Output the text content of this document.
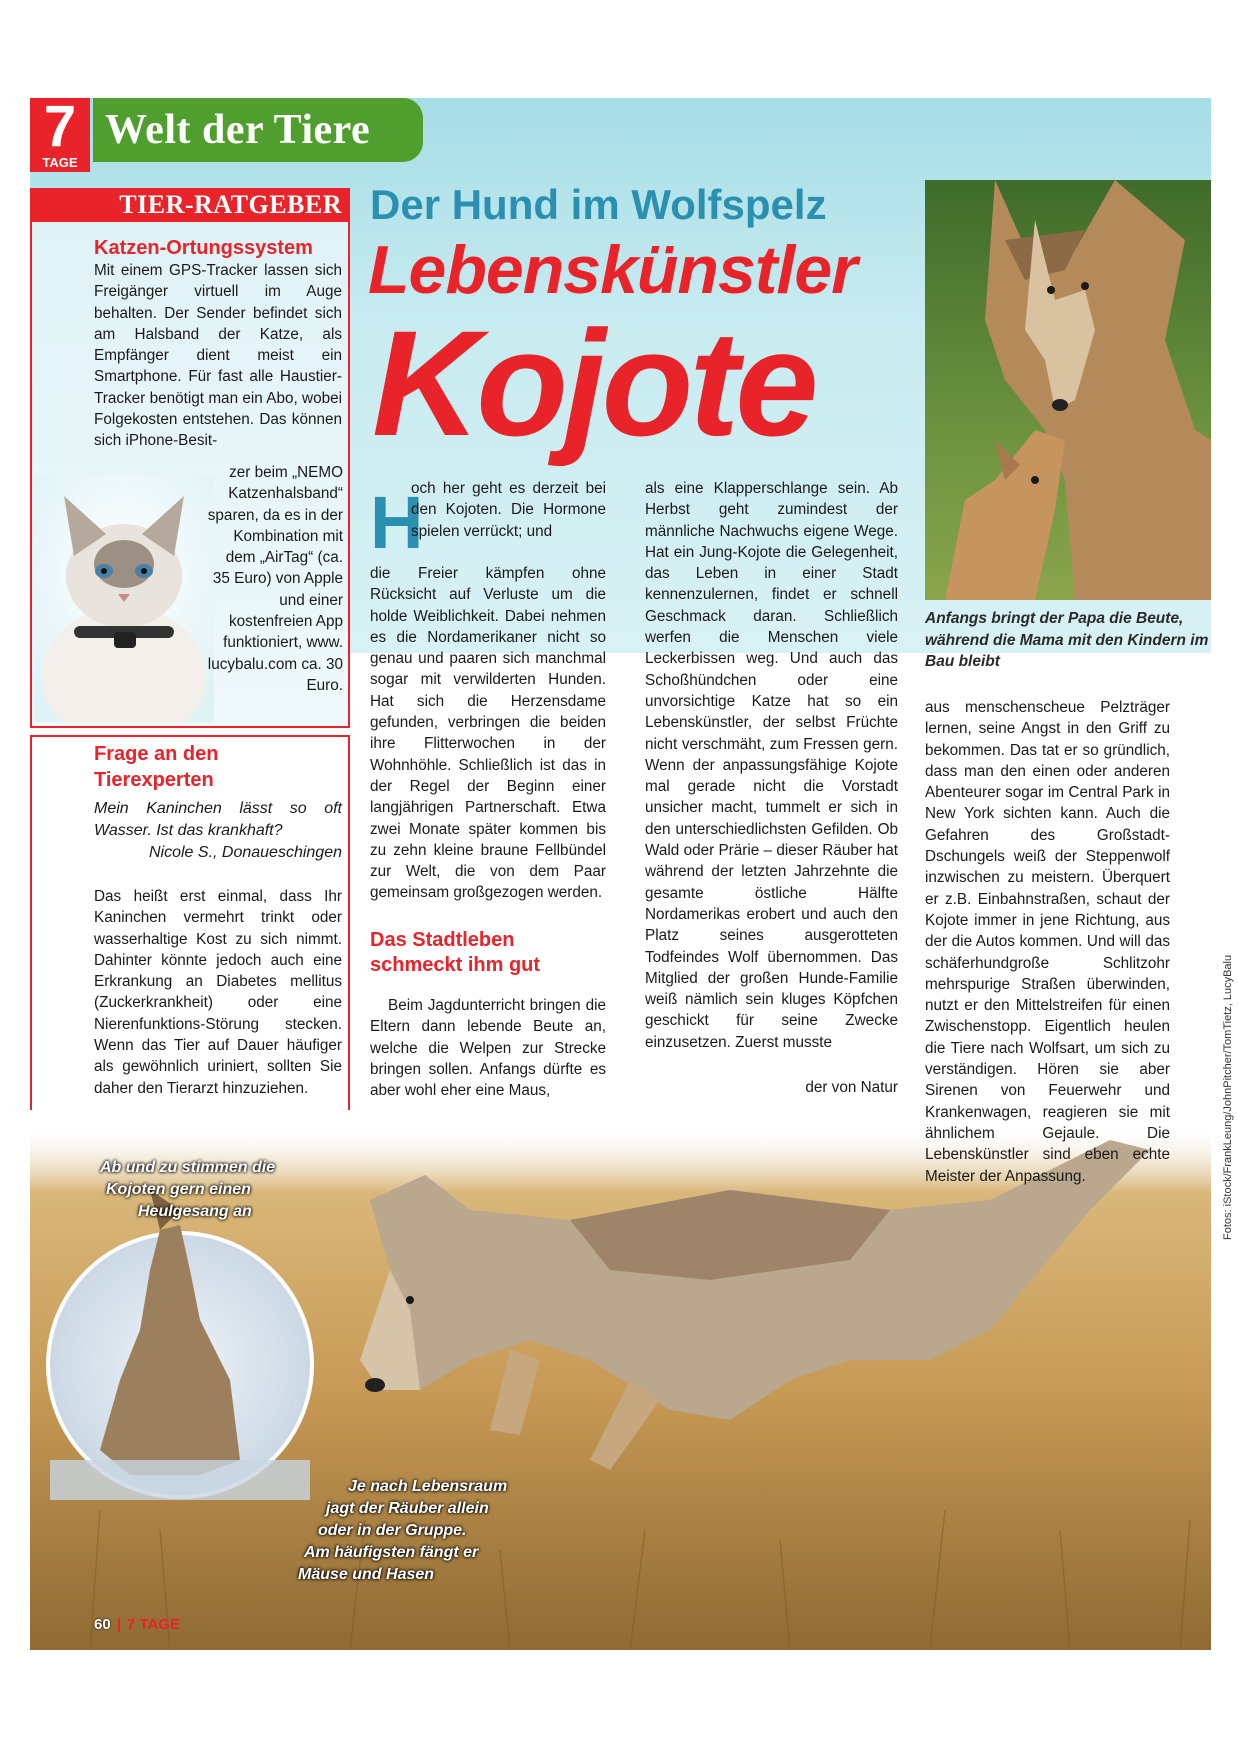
7
TAGE
Welt der Tiere
TIER-RATGEBER
Katzen-Ortungssystem
Mit einem GPS-Tracker lassen sich Freigänger virtuell im Auge behalten. Der Sender befindet sich am Halsband der Katze, als Empfänger dient meist ein Smartphone. Für fast alle Haustier-Tracker benötigt man ein Abo, wobei Folgekosten entstehen. Das können sich iPhone-Besit-
zer beim „NEMO Katzenhalsband“ sparen, da es in der Kombination mit dem „AirTag“ (ca. 35 Euro) von Apple und einer kostenfreien App funktioniert, www. lucybalu.com ca. 30 Euro.
Frage an den
Tierexperten
Mein Kaninchen lässt so oft Wasser. Ist das krankhaft?
Nicole S., Donaueschingen
Das heißt erst einmal, dass Ihr Kaninchen vermehrt trinkt oder wasserhaltige Kost zu sich nimmt. Dahinter könnte jedoch auch eine Erkrankung an Diabetes mellitus (Zuckerkrankheit) oder eine Nierenfunktions-Störung stecken. Wenn das Tier auf Dauer häufiger als gewöhnlich uriniert, sollten Sie daher den Tierarzt hinzuziehen.
Der Hund im Wolfspelz
Lebenskünstler
Kojote
Anfangs bringt der Papa die Beute, während die Mama mit den Kindern im Bau bleibt
H
och her geht es derzeit bei den Kojoten. Die Hormone spielen verrückt; und
die Freier kämpfen ohne Rücksicht auf Verluste um die holde Weiblichkeit. Dabei nehmen es die Nordamerikaner nicht so genau und paaren sich manchmal sogar mit verwilderten Hunden. Hat sich die Herzensdame gefunden, verbringen die beiden ihre Flitterwochen in der Wohnhöhle. Schließlich ist das in der Regel der Beginn einer langjährigen Partnerschaft. Etwa zwei Monate später kommen bis zu zehn kleine braune Fellbündel zur Welt, die von dem Paar gemeinsam großgezogen werden.
Das Stadtleben
schmeckt ihm gut
Beim Jagdunterricht bringen die Eltern dann lebende Beute an, welche die Welpen zur Strecke bringen sollen. Anfangs dürfte es aber wohl eher eine Maus,
als eine Klapperschlange sein. Ab Herbst geht zumindest der männliche Nachwuchs eigene Wege. Hat ein Jung-Kojote die Gelegenheit, das Leben in einer Stadt kennenzulernen, findet er schnell Geschmack daran. Schließlich werfen die Menschen viele Leckerbissen weg. Und auch das Schoßhündchen oder eine unvorsichtige Katze hat so ein Lebenskünstler, der selbst Früchte nicht verschmäht, zum Fressen gern. Wenn der anpassungsfähige Kojote mal gerade nicht die Vorstadt unsicher macht, tummelt er sich in den unterschiedlichsten Gefilden. Ob Wald oder Prärie – dieser Räuber hat während der letzten Jahrzehnte die gesamte östliche Hälfte Nordamerikas erobert und auch den Platz seines ausgerotteten Todfeindes Wolf übernommen. Das Mitglied der großen Hunde-Familie weiß nämlich sein kluges Köpfchen geschickt für seine Zwecke einzusetzen. Zuerst musste
der von Natur
Ab und zu stimmen die
Kojoten gern einen
Heulgesang an
Je nach Lebensraum
jagt der Räuber allein
oder in der Gruppe.
Am häufigsten fängt er
Mäuse und Hasen
aus menschenscheue Pelzträger lernen, seine Angst in den Griff zu bekommen. Das tat er so gründlich, dass man den einen oder anderen Abenteurer sogar im Central Park in New York sichten kann. Auch die Gefahren des Großstadt-Dschungels weiß der Steppenwolf inzwischen zu meistern. Überquert er z.B. Einbahnstraßen, schaut der Kojote immer in jene Richtung, aus der die Autos kommen. Und will das schäferhundgroße Schlitzohr mehrspurige Straßen überwinden, nutzt er den Mittelstreifen für einen Zwischenstopp. Eigentlich heulen die Tiere nach Wolfsart, um sich zu verständigen. Hören sie aber Sirenen von Feuerwehr und Krankenwagen, reagieren sie mit ähnlichem Gejaule. Die Lebenskünstler sind eben echte Meister der Anpassung.	Fotos: iStock/FrankLeung/JohnPitcher/TomTietz, LucyBalu
60 | 7 TAGE
